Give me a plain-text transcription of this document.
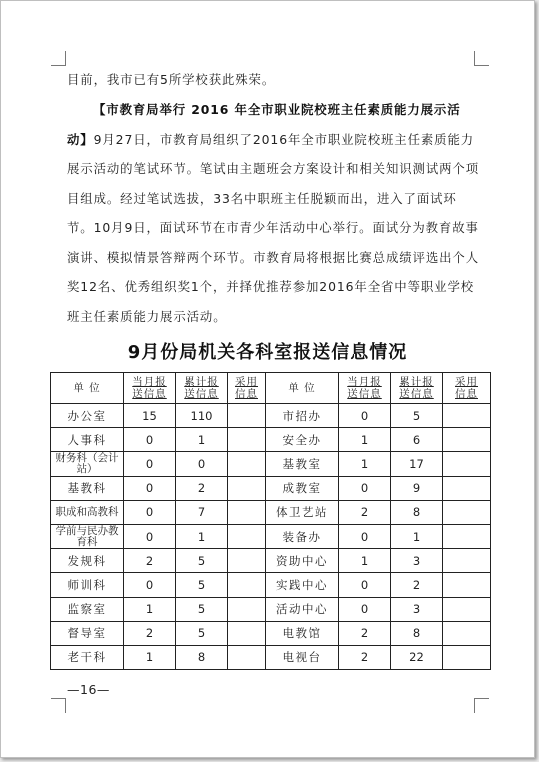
目前，我市已有5所学校获此殊荣。
【市教育局举行 2016 年全市职业院校班主任素质能力展示活动】9月27日，市教育局组织了2016年全市职业院校班主任素质能力展示活动的笔试环节。笔试由主题班会方案设计和相关知识测试两个项目组成。经过笔试选拔，33名中职班主任脱颖而出，进入了面试环节。10月9日，面试环节在市青少年活动中心举行。面试分为教育故事演讲、模拟情景答辩两个环节。市教育局将根据比赛总成绩评选出个人奖12名、优秀组织奖1个，并择优推荐参加2016年全省中等职业学校班主任素质能力展示活动。
9月份局机关各科室报送信息情况
单 位	当月报送信息	累计报送信息	采用信息	单 位	当月报送信息	累计报送信息	采用信息
办公室	15	110		市招办	0	5	
人事科	0	1		安全办	1	6	
财务科（会计站）	0	0		基教室	1	17	
基教科	0	2		成教室	0	9	
职成和高教科	0	7		体卫艺站	2	8	
学前与民办教育科	0	1		装备办	0	1	
发规科	2	5		资助中心	1	3	
师训科	0	5		实践中心	0	2	
监察室	1	5		活动中心	0	3	
督导室	2	5		电教馆	2	8	
老干科	1	8		电视台	2	22	
—16—
